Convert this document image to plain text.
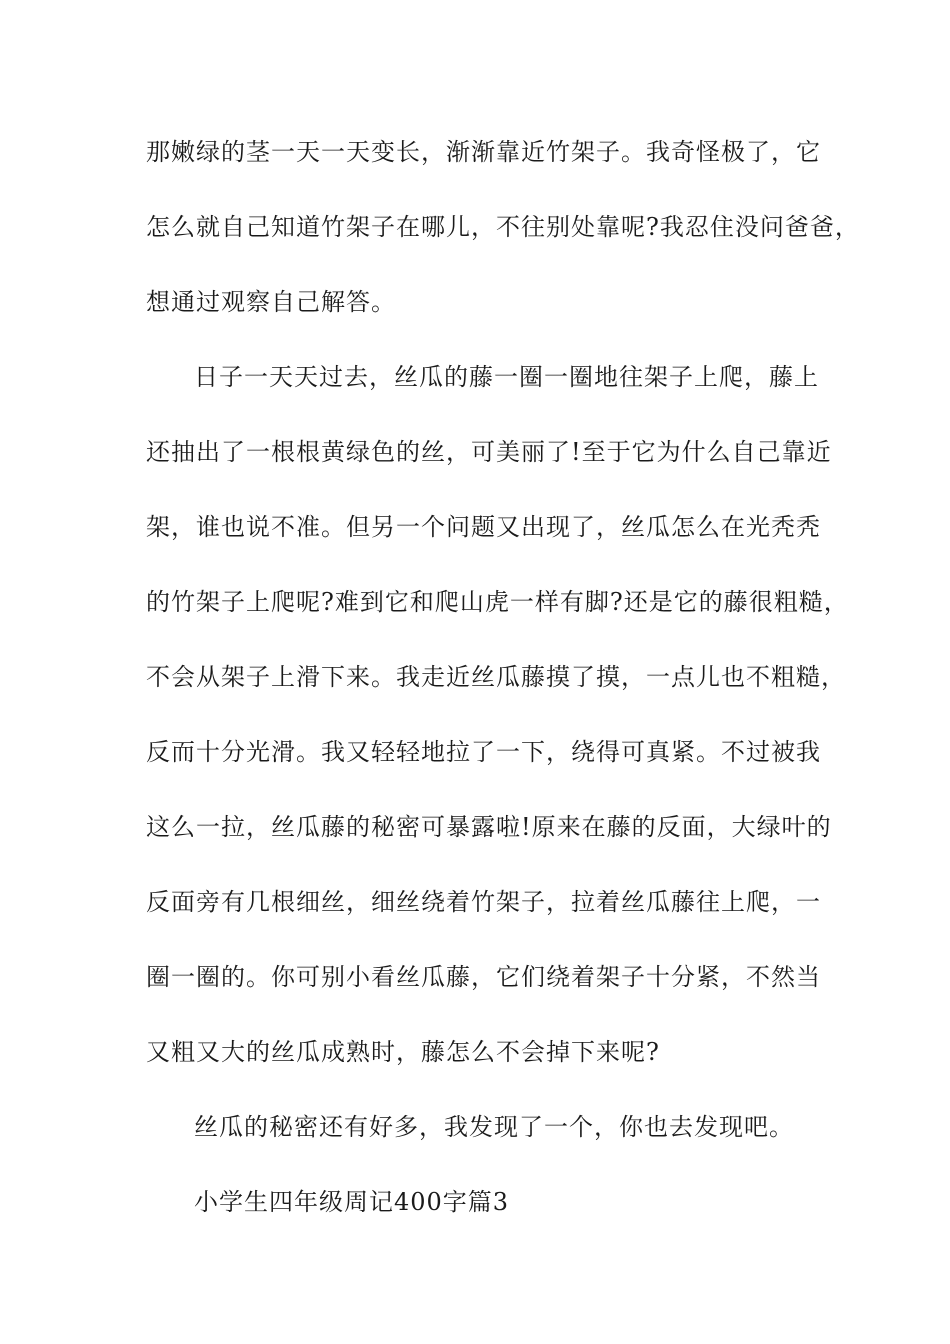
那嫩绿的茎一天一天变长，渐渐靠近竹架子。我奇怪极了，它
怎么就自己知道竹架子在哪儿，不往别处靠呢?我忍住没问爸爸，
想通过观察自己解答。
日子一天天过去，丝瓜的藤一圈一圈地往架子上爬，藤上
还抽出了一根根黄绿色的丝，可美丽了!至于它为什么自己靠近
架，谁也说不准。但另一个问题又出现了，丝瓜怎么在光秃秃
的竹架子上爬呢?难到它和爬山虎一样有脚?还是它的藤很粗糙，
不会从架子上滑下来。我走近丝瓜藤摸了摸，一点儿也不粗糙，
反而十分光滑。我又轻轻地拉了一下，绕得可真紧。不过被我
这么一拉，丝瓜藤的秘密可暴露啦!原来在藤的反面，大绿叶的
反面旁有几根细丝，细丝绕着竹架子，拉着丝瓜藤往上爬，一
圈一圈的。你可别小看丝瓜藤，它们绕着架子十分紧，不然当
又粗又大的丝瓜成熟时，藤怎么不会掉下来呢?
丝瓜的秘密还有好多，我发现了一个，你也去发现吧。
小学生四年级周记400字篇3
